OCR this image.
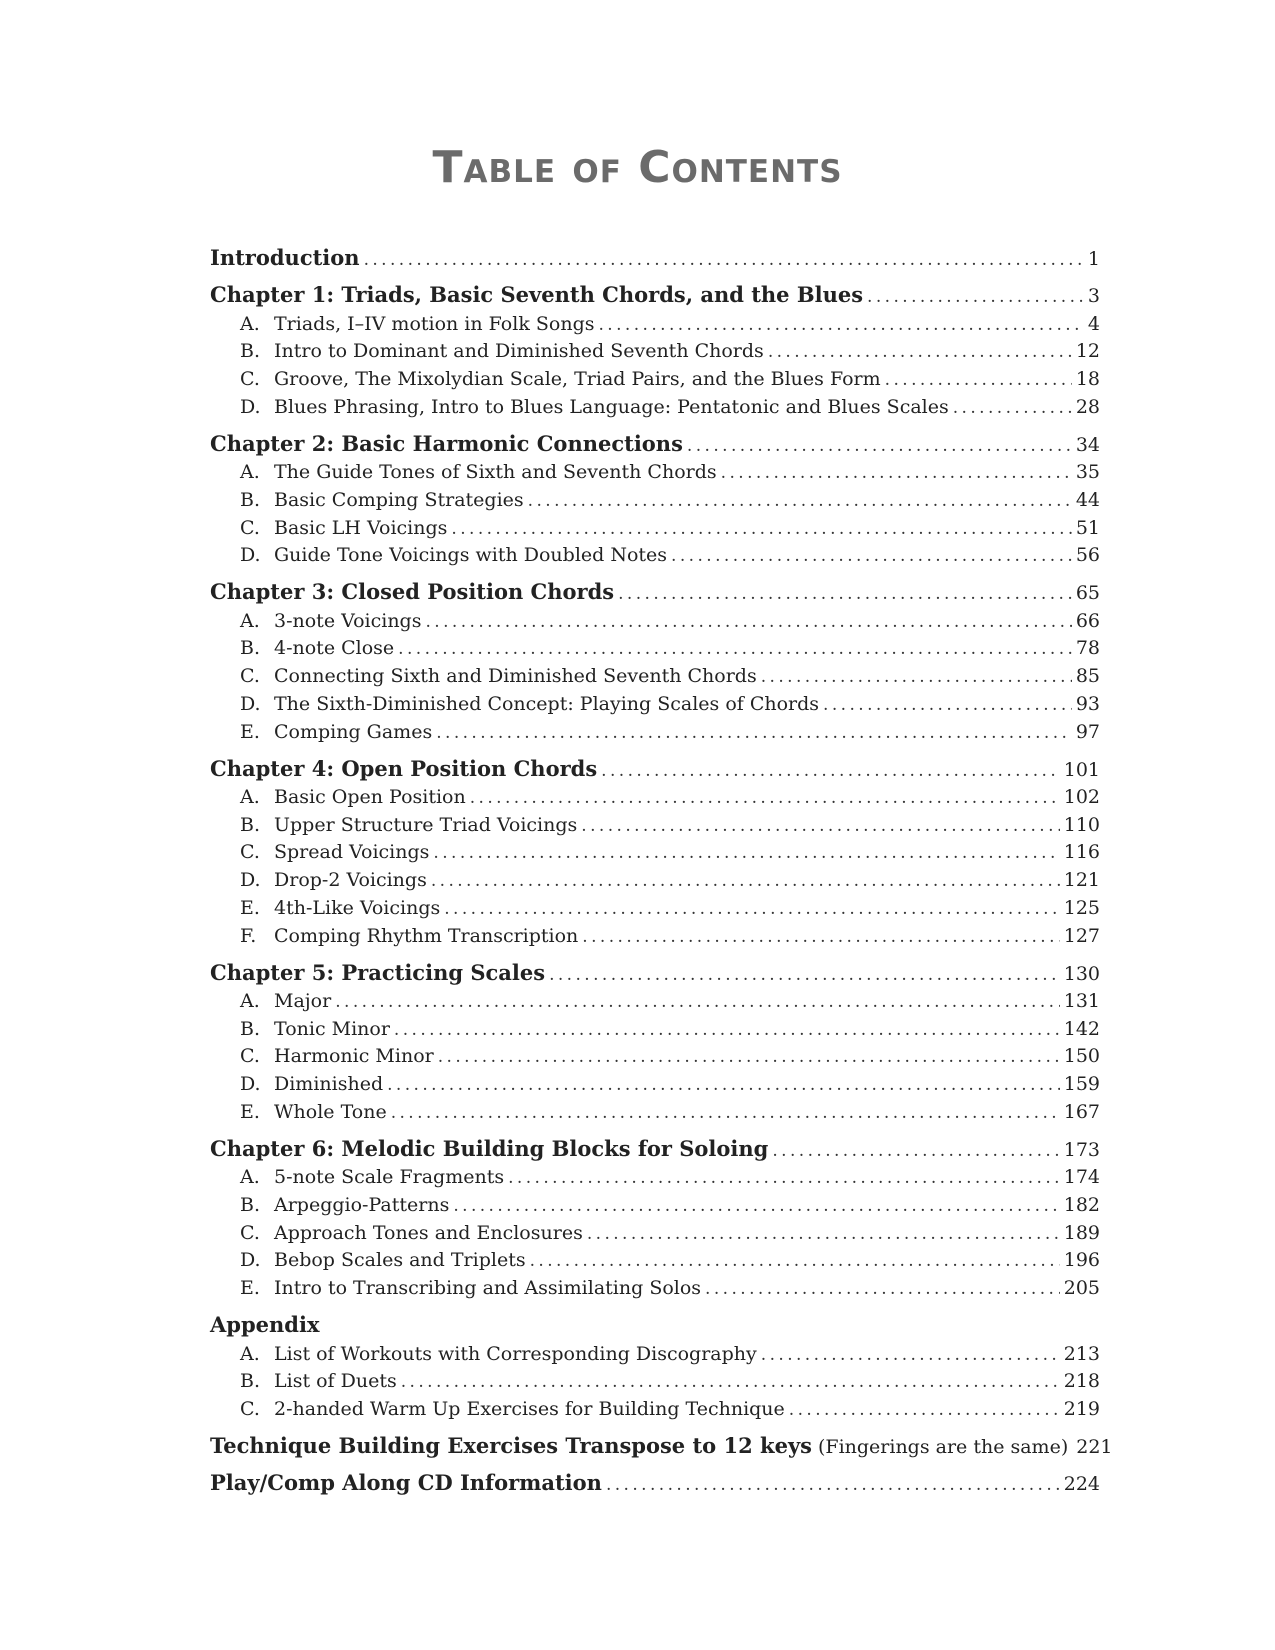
Table of Contents
Introduction . . .	1
Chapter 1: Triads, Basic Seventh Chords, and the Blues . . .	3
A. Triads, I–IV motion in Folk Songs . . .	4
B. Intro to Dominant and Diminished Seventh Chords . . .	12
C. Groove, The Mixolydian Scale, Triad Pairs, and the Blues Form . . .	18
D. Blues Phrasing, Intro to Blues Language: Pentatonic and Blues Scales . . .	28
Chapter 2: Basic Harmonic Connections . . .	34
A. The Guide Tones of Sixth and Seventh Chords . . .	35
B. Basic Comping Strategies . . .	44
C. Basic LH Voicings . . .	51
D. Guide Tone Voicings with Doubled Notes . . .	56
Chapter 3: Closed Position Chords . . .	65
A. 3-note Voicings . . .	66
B. 4-note Close . . .	78
C. Connecting Sixth and Diminished Seventh Chords . . .	85
D. The Sixth-Diminished Concept: Playing Scales of Chords . . .	93
E. Comping Games . . .	97
Chapter 4: Open Position Chords . . .	101
A. Basic Open Position . . .	102
B. Upper Structure Triad Voicings . . .	110
C. Spread Voicings . . .	116
D. Drop-2 Voicings . . .	121
E. 4th-Like Voicings . . .	125
F. Comping Rhythm Transcription . . .	127
Chapter 5: Practicing Scales . . .	130
A. Major . . .	131
B. Tonic Minor . . .	142
C. Harmonic Minor . . .	150
D. Diminished . . .	159
E. Whole Tone . . .	167
Chapter 6: Melodic Building Blocks for Soloing . . .	173
A. 5-note Scale Fragments . . .	174
B. Arpeggio-Patterns . . .	182
C. Approach Tones and Enclosures . . .	189
D. Bebop Scales and Triplets . . .	196
E. Intro to Transcribing and Assimilating Solos . . .	205
Appendix
A. List of Workouts with Corresponding Discography . . .	213
B. List of Duets . . .	218
C. 2-handed Warm Up Exercises for Building Technique . . .	219
Technique Building Exercises Transpose to 12 keys (Fingerings are the same) 221
Play/Comp Along CD Information . . .	224
